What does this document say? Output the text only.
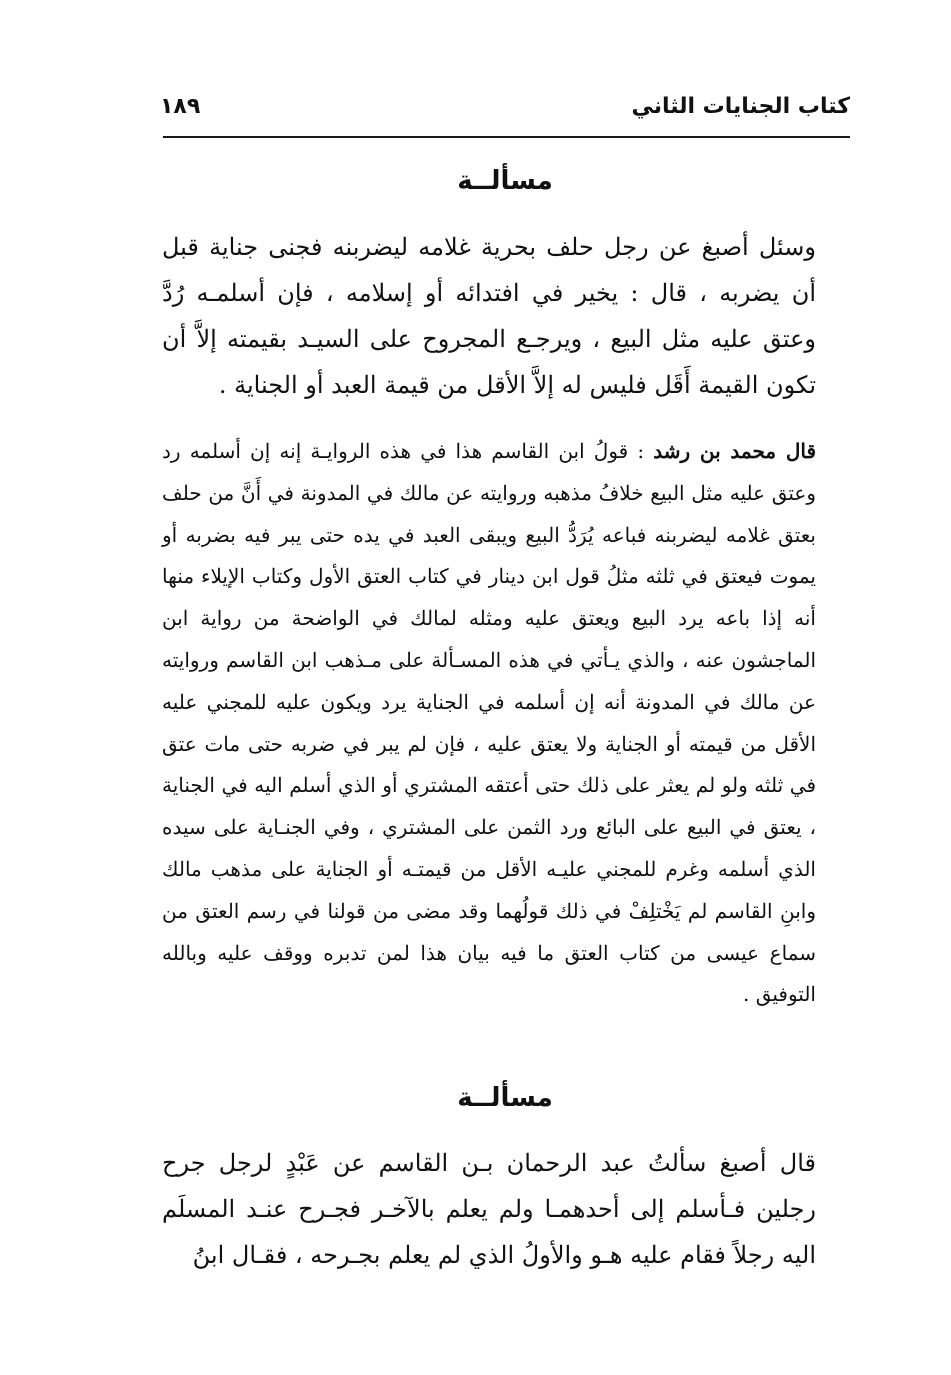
كتاب الجنايات الثاني
١٨٩
مسألــة

وسئل أصبغ عن رجل حلف بحرية غلامه ليضربنه فجنى جناية قبل أن يضربه ، قال : يخير في افتدائه أو إسلامه ، فإن أسلمـه رُدَّ وعتق عليه مثل البيع ، ويرجـع المجروح على السيـد بقيمته إلاَّ أن تكون القيمة أَقَل فليس له إلاَّ الأقل من قيمة العبد أو الجناية .

قال محمد بن رشد : قولُ ابن القاسم هذا في هذه الروايـة إنه إن أسلمه رد وعتق عليه مثل البيع خلافُ مذهبه وروايته عن مالك في المدونة في أَنَّ من حلف بعتق غلامه ليضربنه فباعه يُرَدُّ البيع ويبقى العبد في يده حتى يبر فيه بضربه أو يموت فيعتق في ثلثه مثلُ قول ابن دينار في كتاب العتق الأول وكتاب الإيلاء منها أنه إذا باعه يرد البيع ويعتق عليه ومثله لمالك في الواضحة من رواية ابن الماجشون عنه ، والذي يـأتي في هذه المسـألة على مـذهب ابن القاسم وروايته عن مالك في المدونة أنه إن أسلمه في الجناية يرد ويكون عليه للمجني عليه الأقل من قيمته أو الجناية ولا يعتق عليه ، فإن لم يبر في ضربه حتى مات عتق في ثلثه ولو لم يعثر على ذلك حتى أعتقه المشتري أو الذي أسلم اليه في الجناية ، يعتق في البيع على البائع ورد الثمن على المشتري ، وفي الجنـاية على سيده الذي أسلمه وغرم للمجني عليـه الأقل من قيمتـه أو الجناية على مذهب مالك وابنِ القاسم لم يَخْتلِفْ في ذلك قولُهما وقد مضى من قولنا في رسم العتق من سماع عيسى من كتاب العتق ما فيه بيان هذا لمن تدبره ووقف عليه وبالله التوفيق .

مسألــة

قال أصبغ سألتُ عبد الرحمان بـن القاسم عن عَبْدٍ لرجل جرح رجلين فـأسلم إلى أحدهمـا ولم يعلم بالآخـر فجـرح عنـد المسلَم اليه رجلاً فقام عليه هـو والأولُ الذي لم يعلم بجـرحه ، فقـال ابنُ
